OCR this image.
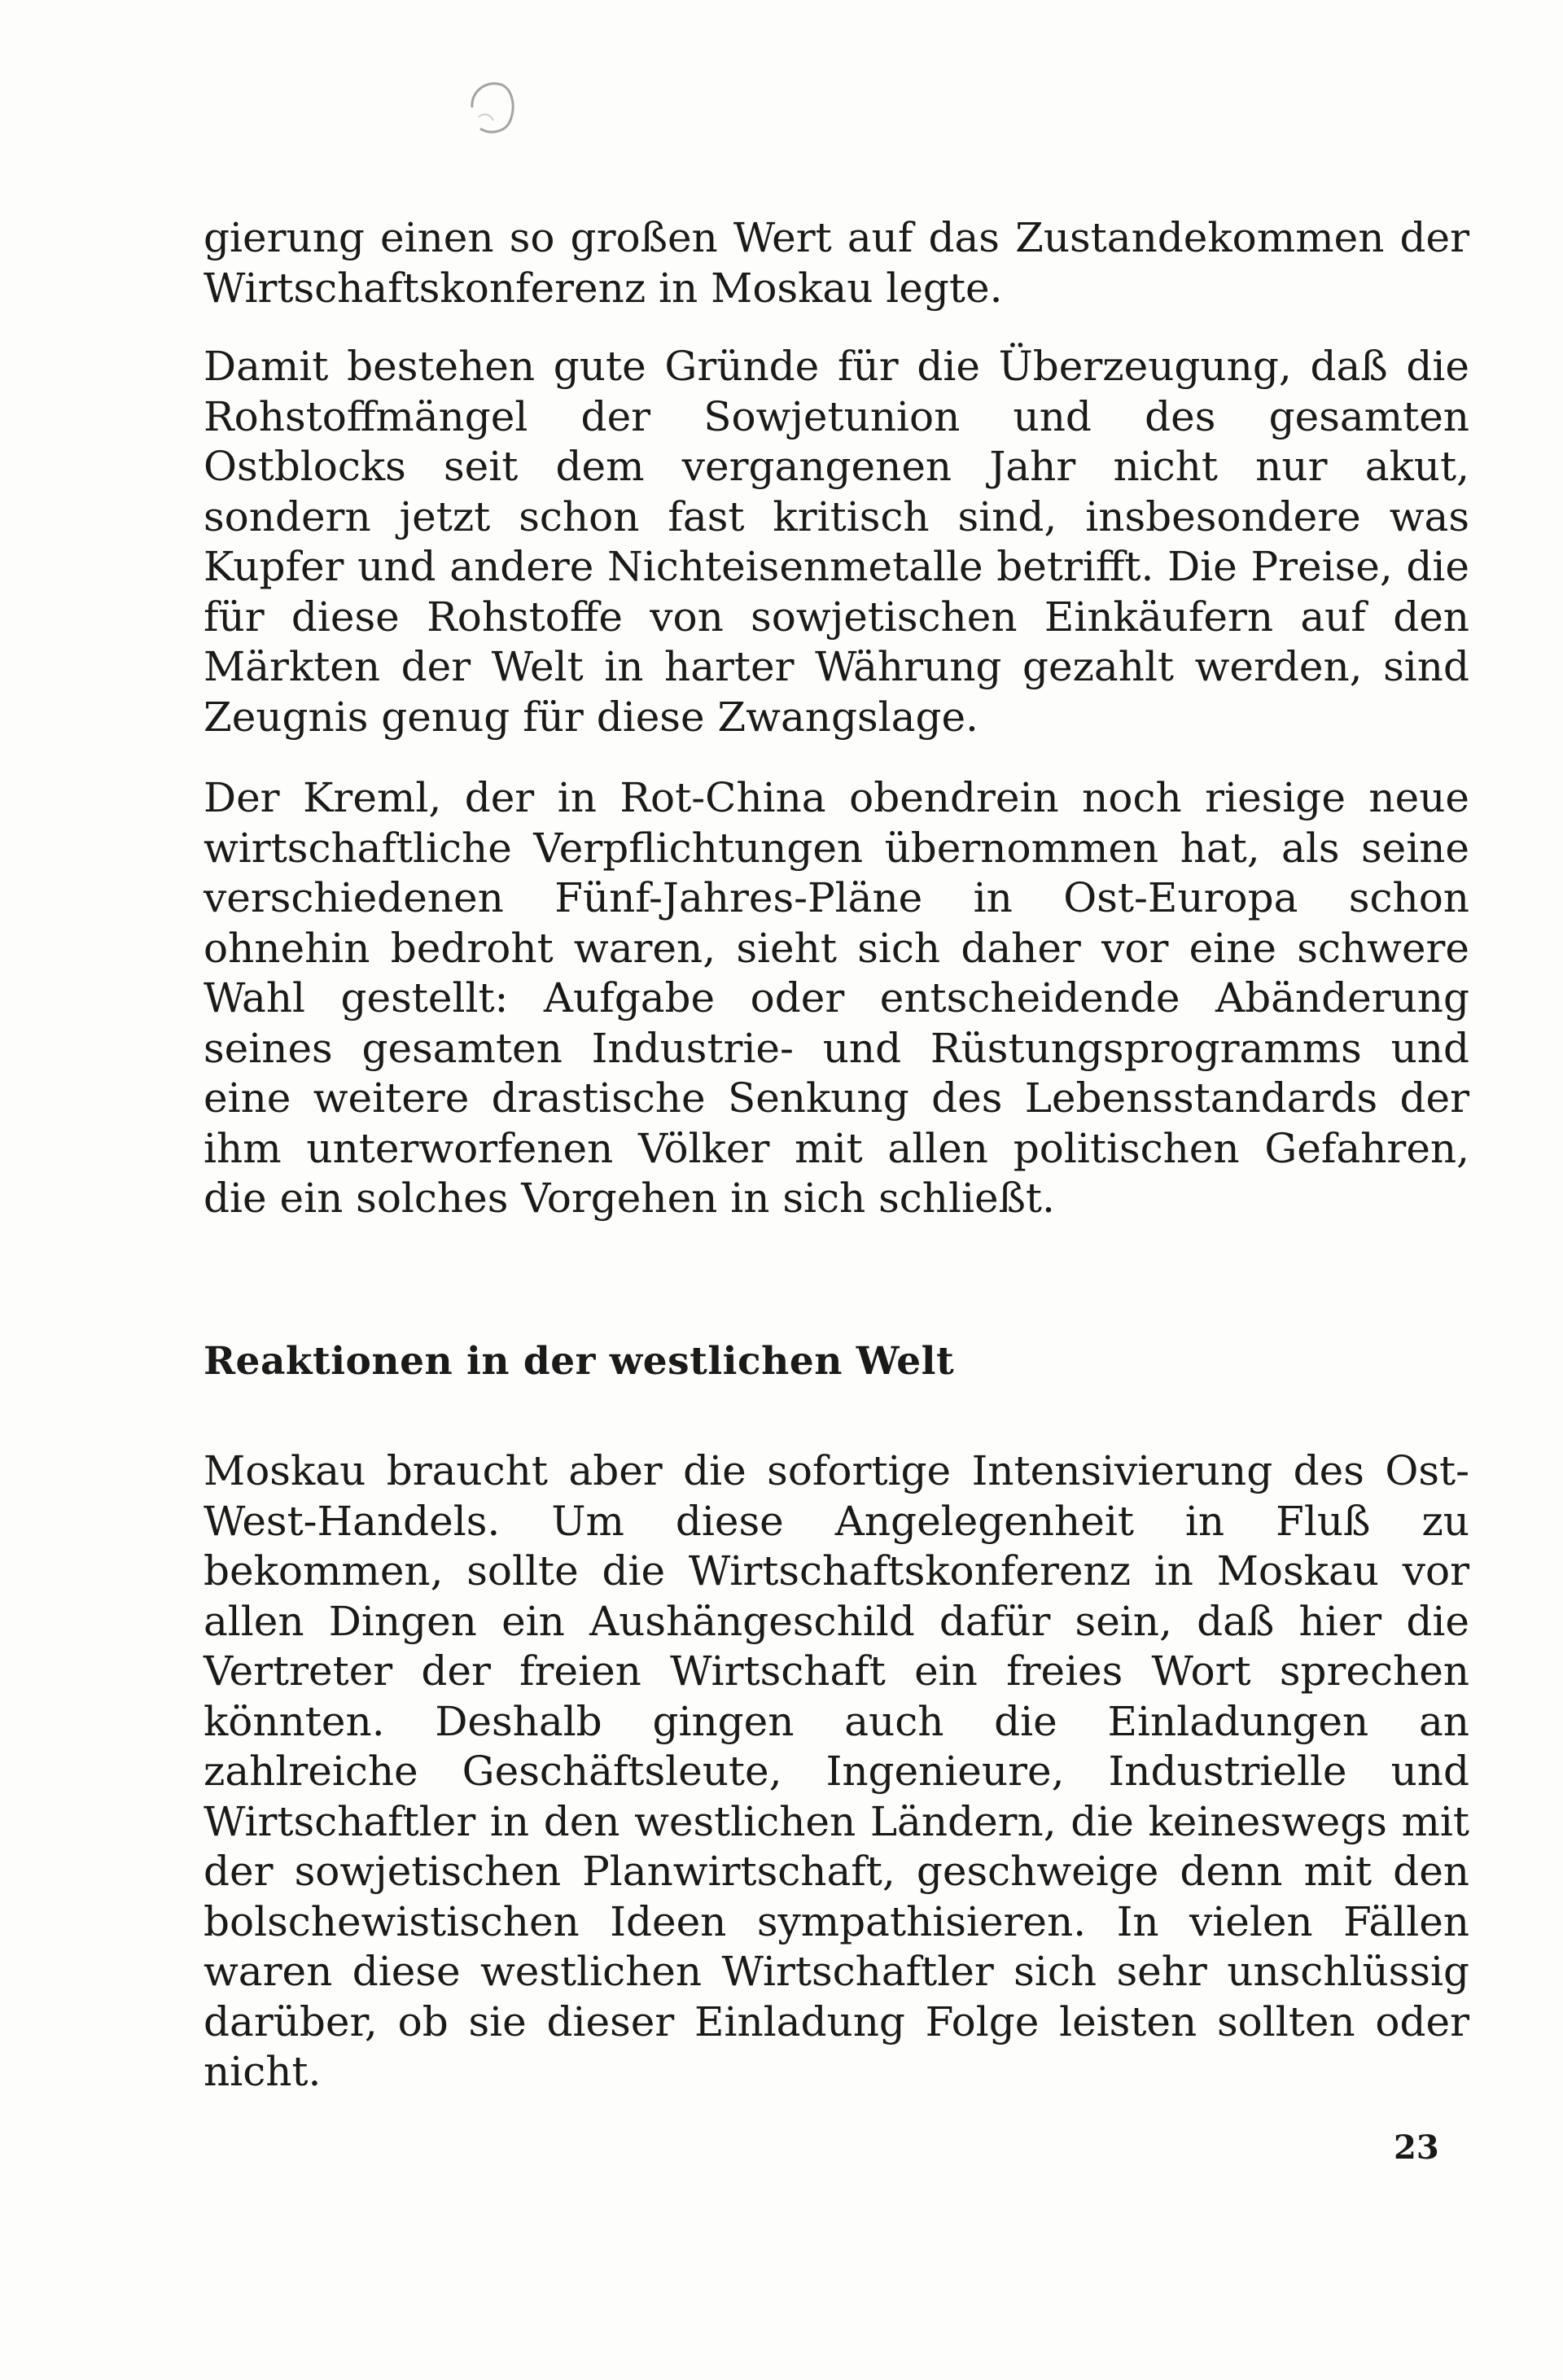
gierung einen so großen Wert auf das Zustandekommen der Wirtschaftskonferenz in Moskau legte.

Damit bestehen gute Gründe für die Überzeugung, daß die Rohstoffmängel der Sowjetunion und des gesamten Ostblocks seit dem vergangenen Jahr nicht nur akut, sondern jetzt schon fast kritisch sind, insbesondere was Kupfer und andere Nichteisenmetalle betrifft. Die Preise, die für diese Rohstoffe von sowjetischen Einkäufern auf den Märkten der Welt in harter Währung gezahlt werden, sind Zeugnis genug für diese Zwangslage.

Der Kreml, der in Rot-China obendrein noch riesige neue wirtschaftliche Verpflichtungen übernommen hat, als seine verschiedenen Fünf-Jahres-Pläne in Ost-Europa schon ohnehin bedroht waren, sieht sich daher vor eine schwere Wahl gestellt: Aufgabe oder entscheidende Abänderung seines gesamten Industrie- und Rüstungsprogramms und eine weitere drastische Senkung des Lebensstandards der ihm unterworfenen Völker mit allen politischen Gefahren, die ein solches Vorgehen in sich schließt.

Reaktionen in der westlichen Welt

Moskau braucht aber die sofortige Intensivierung des Ost-West-Handels. Um diese Angelegenheit in Fluß zu bekommen, sollte die Wirtschaftskonferenz in Moskau vor allen Dingen ein Aushängeschild dafür sein, daß hier die Vertreter der freien Wirtschaft ein freies Wort sprechen könnten. Deshalb gingen auch die Einladungen an zahlreiche Geschäftsleute, Ingenieure, Industrielle und Wirtschaftler in den westlichen Ländern, die keineswegs mit der sowjetischen Planwirtschaft, geschweige denn mit den bolschewistischen Ideen sympathisieren. In vielen Fällen waren diese westlichen Wirtschaftler sich sehr unschlüssig darüber, ob sie dieser Einladung Folge leisten sollten oder nicht.

23
